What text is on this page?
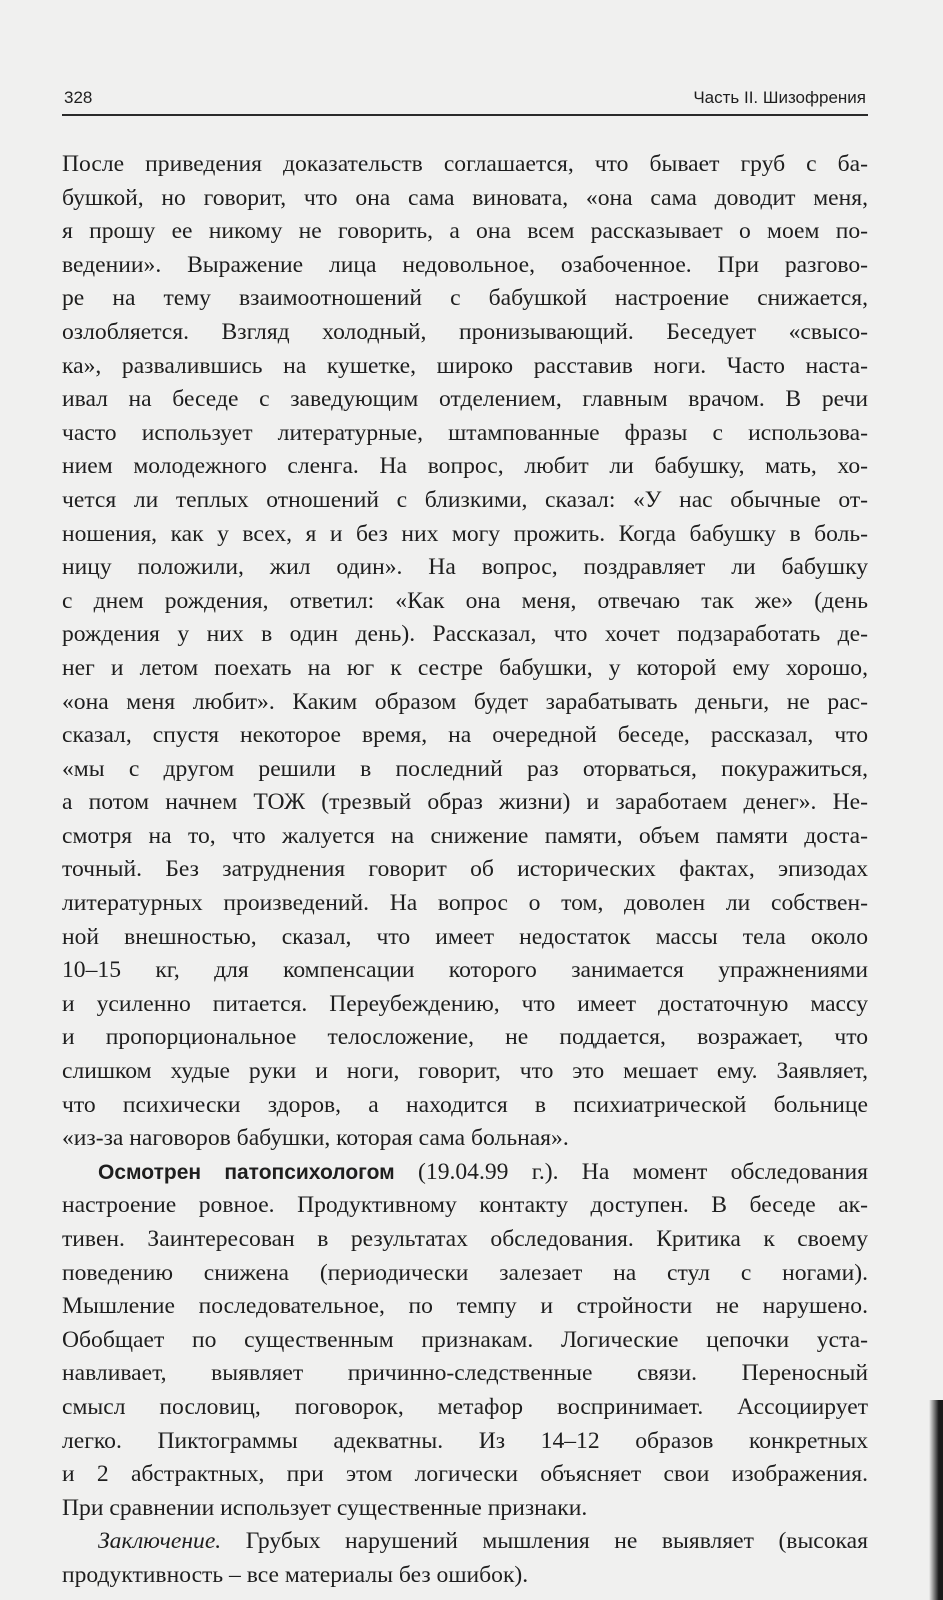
328	Часть II. Шизофрения

После приведения доказательств соглашается, что бывает груб с ба-

бушкой, но говорит, что она сама виновата, «она сама доводит меня,

я прошу ее никому не говорить, а она всем рассказывает о моем по-

ведении». Выражение лица недовольное, озабоченное. При разгово-

ре на тему взаимоотношений с бабушкой настроение снижается,

озлобляется. Взгляд холодный, пронизывающий. Беседует «свысо-

ка», развалившись на кушетке, широко расставив ноги. Часто наста-

ивал на беседе с заведующим отделением, главным врачом. В речи

часто использует литературные, штампованные фразы с использова-

нием молодежного сленга. На вопрос, любит ли бабушку, мать, хо-

чется ли теплых отношений с близкими, сказал: «У нас обычные от-

ношения, как у всех, я и без них могу прожить. Когда бабушку в боль-

ницу положили, жил один». На вопрос, поздравляет ли бабушку

с днем рождения, ответил: «Как она меня, отвечаю так же» (день

рождения у них в один день). Рассказал, что хочет подзаработать де-

нег и летом поехать на юг к сестре бабушки, у которой ему хорошо,

«она меня любит». Каким образом будет зарабатывать деньги, не рас-

сказал, спустя некоторое время, на очередной беседе, рассказал, что

«мы с другом решили в последний раз оторваться, покуражиться,

а потом начнем ТОЖ (трезвый образ жизни) и заработаем денег». Не-

смотря на то, что жалуется на снижение памяти, объем памяти доста-

точный. Без затруднения говорит об исторических фактах, эпизодах

литературных произведений. На вопрос о том, доволен ли собствен-

ной внешностью, сказал, что имеет недостаток массы тела около

10–15 кг, для компенсации которого занимается упражнениями

и усиленно питается. Переубеждению, что имеет достаточную массу

и пропорциональное телосложение, не поддается, возражает, что

слишком худые руки и ноги, говорит, что это мешает ему. Заявляет,

что психически здоров, а находится в психиатрической больнице

«из-за наговоров бабушки, которая сама больная».

Осмотрен патопсихологом (19.04.99 г.). На момент обследования

настроение ровное. Продуктивному контакту доступен. В беседе ак-

тивен. Заинтересован в результатах обследования. Критика к своему

поведению снижена (периодически залезает на стул с ногами).

Мышление последовательное, по темпу и стройности не нарушено.

Обобщает по существенным признакам. Логические цепочки уста-

навливает, выявляет причинно-следственные связи. Переносный

смысл пословиц, поговорок, метафор воспринимает. Ассоциирует

легко. Пиктограммы адекватны. Из 14–12 образов конкретных

и 2 абстрактных, при этом логически объясняет свои изображения.

При сравнении использует существенные признаки.

Заключение. Грубых нарушений мышления не выявляет (высокая

продуктивность – все материалы без ошибок).
